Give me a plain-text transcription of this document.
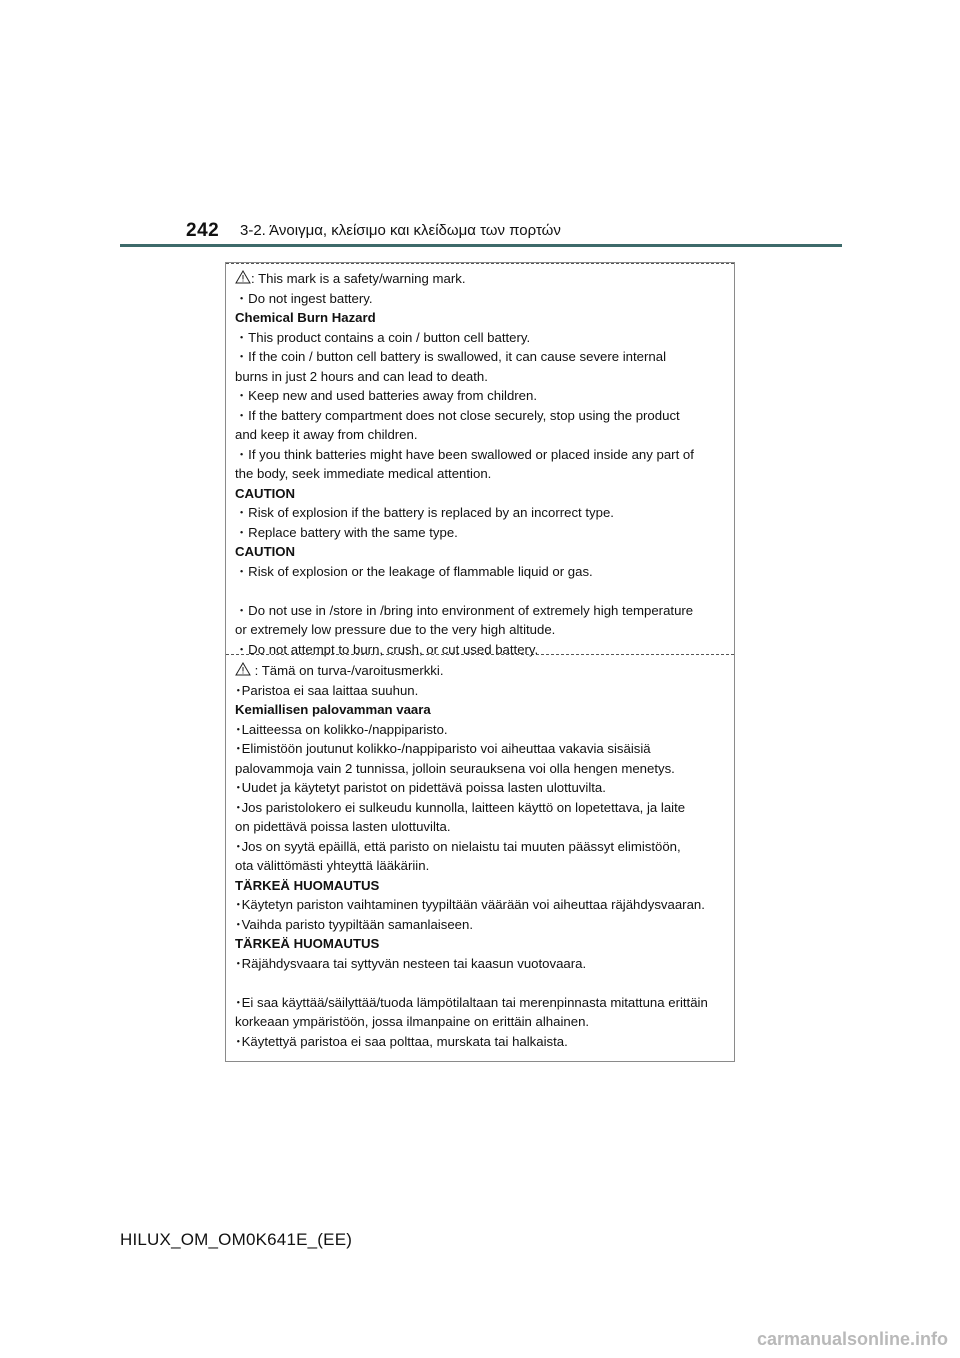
242 3-2. Άνοιγμα, κλείσιμο και κλείδωμα των πορτών
: This mark is a safety/warning mark.
・Do not ingest battery.
Chemical Burn Hazard
・This product contains a coin / button cell battery.
・If the coin / button cell battery is swallowed, it can cause severe internal
burns in just 2 hours and can lead to death.
・Keep new and used batteries away from children.
・If the battery compartment does not close securely, stop using the product
and keep it away from children.
・If you think batteries might have been swallowed or placed inside any part of
the body, seek immediate medical attention.
CAUTION
・Risk of explosion if the battery is replaced by an incorrect type.
・Replace battery with the same type.
CAUTION
・Risk of explosion or the leakage of flammable liquid or gas.
・Do not use in /store in /bring into environment of extremely high temperature
or extremely low pressure due to the very high altitude.
・Do not attempt to burn, crush, or cut used battery.
: Tämä on turva-/varoitusmerkki.
･Paristoa ei saa laittaa suuhun.
Kemiallisen palovamman vaara
･Laitteessa on kolikko-/nappiparisto.
･Elimistöön joutunut kolikko-/nappiparisto voi aiheuttaa vakavia sisäisiä
palovammoja vain 2 tunnissa, jolloin seurauksena voi olla hengen menetys.
･Uudet ja käytetyt paristot on pidettävä poissa lasten ulottuvilta.
･Jos paristolokero ei sulkeudu kunnolla, laitteen käyttö on lopetettava, ja laite
on pidettävä poissa lasten ulottuvilta.
･Jos on syytä epäillä, että paristo on nielaistu tai muuten päässyt elimistöön,
ota välittömästi yhteyttä lääkäriin.
TÄRKEÄ HUOMAUTUS
･Käytetyn pariston vaihtaminen tyypiltään väärään voi aiheuttaa räjähdysvaaran.
･Vaihda paristo tyypiltään samanlaiseen.
TÄRKEÄ HUOMAUTUS
･Räjähdysvaara tai syttyvän nesteen tai kaasun vuotovaara.
･Ei saa käyttää/säilyttää/tuoda lämpötilaltaan tai merenpinnasta mitattuna erittäin
korkeaan ympäristöön, jossa ilmanpaine on erittäin alhainen.
･Käytettyä paristoa ei saa polttaa, murskata tai halkaista.
HILUX_OM_OM0K641E_(EE)
carmanualsonline.info
